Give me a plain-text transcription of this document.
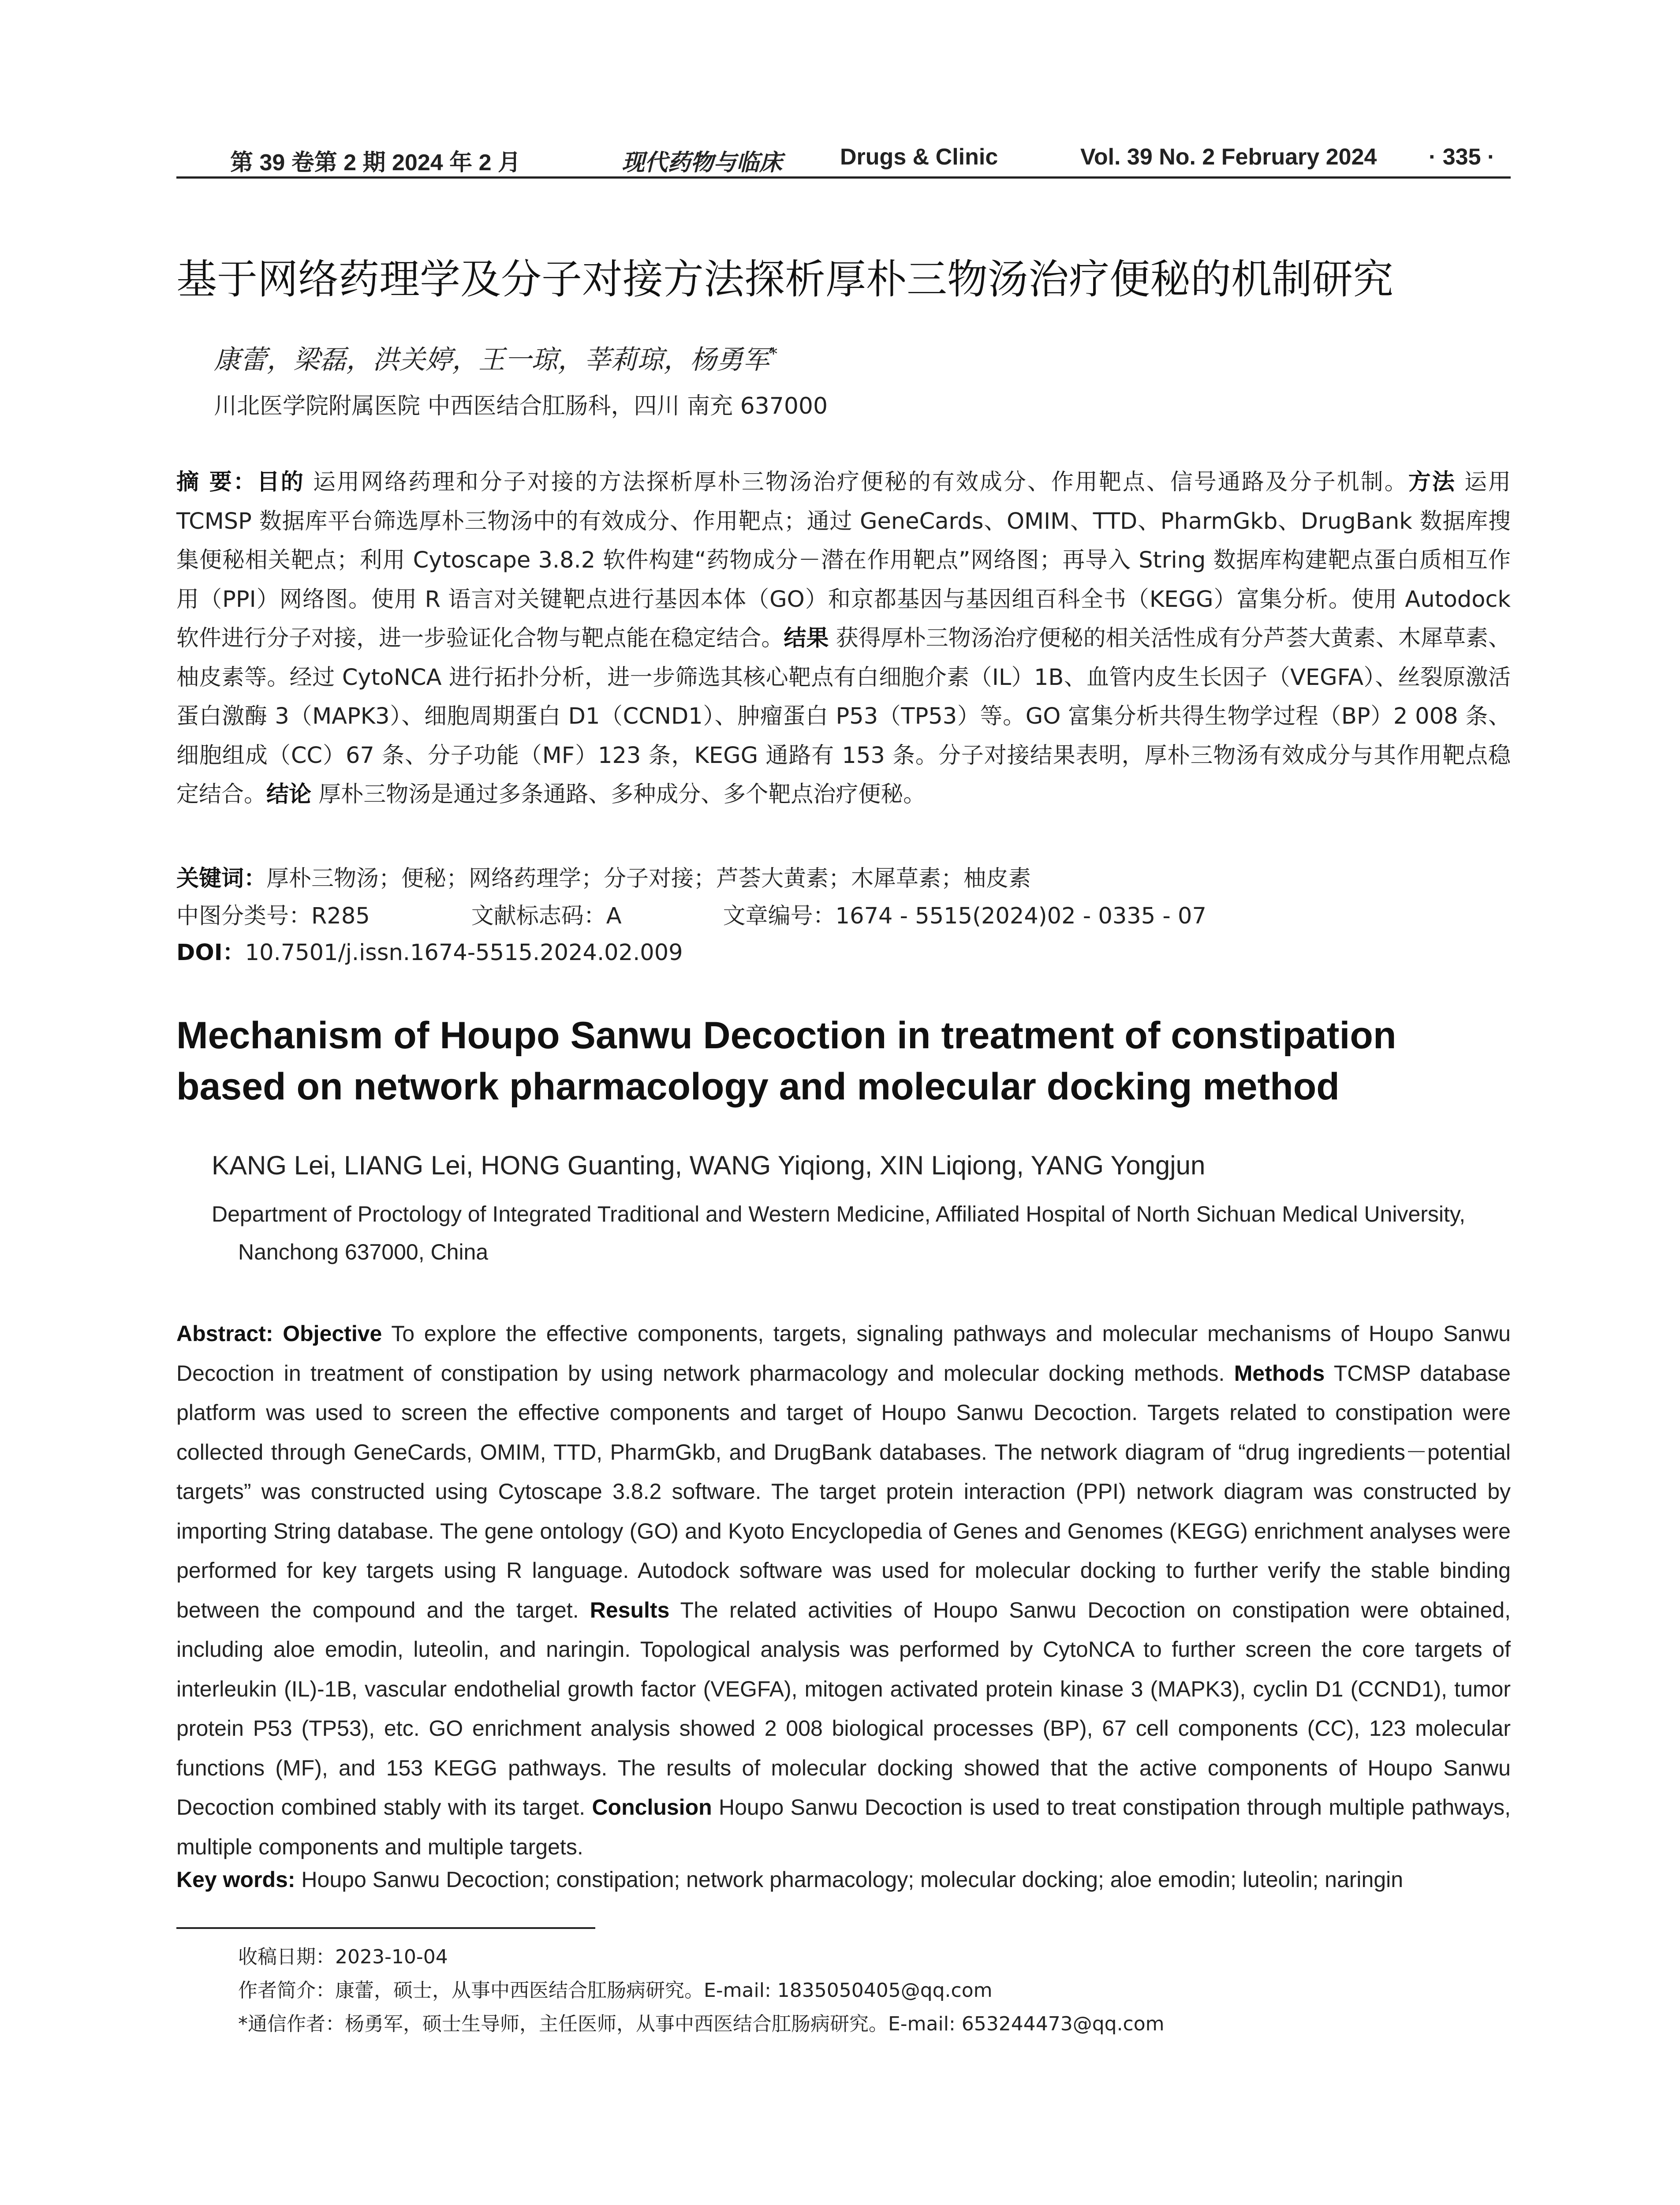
第 39 卷第 2 期 2024 年 2 月	现代药物与临床	Drugs & Clinic	Vol. 39 No. 2 February 2024 · 335 ·
基于网络药理学及分子对接方法探析厚朴三物汤治疗便秘的机制研究
康蕾，梁磊，洪关婷，王一琼，莘莉琼，杨勇军*
川北医学院附属医院 中西医结合肛肠科，四川 南充 637000
摘 要：目的 运用网络药理和分子对接的方法探析厚朴三物汤治疗便秘的有效成分、作用靶点、信号通路及分子机制。方法 运用 TCMSP 数据库平台筛选厚朴三物汤中的有效成分、作用靶点；通过 GeneCards、OMIM、TTD、PharmGkb、DrugBank 数据库搜集便秘相关靶点；利用 Cytoscape 3.8.2 软件构建“药物成分－潜在作用靶点”网络图；再导入 String 数据库构建靶点蛋白质相互作用（PPI）网络图。使用 R 语言对关键靶点进行基因本体（GO）和京都基因与基因组百科全书（KEGG）富集分析。使用 Autodock 软件进行分子对接，进一步验证化合物与靶点能在稳定结合。结果 获得厚朴三物汤治疗便秘的相关活性成有分芦荟大黄素、木犀草素、柚皮素等。经过 CytoNCA 进行拓扑分析，进一步筛选其核心靶点有白细胞介素（IL）1B、血管内皮生长因子（VEGFA）、丝裂原激活蛋白激酶 3（MAPK3）、细胞周期蛋白 D1（CCND1）、肿瘤蛋白 P53（TP53）等。GO 富集分析共得生物学过程（BP）2 008 条、细胞组成（CC）67 条、分子功能（MF）123 条，KEGG 通路有 153 条。分子对接结果表明，厚朴三物汤有效成分与其作用靶点稳定结合。结论 厚朴三物汤是通过多条通路、多种成分、多个靶点治疗便秘。
关键词：厚朴三物汤；便秘；网络药理学；分子对接；芦荟大黄素；木犀草素；柚皮素
中图分类号：R285	文献标志码：A	文章编号：1674 - 5515(2024)02 - 0335 - 07
DOI：10.7501/j.issn.1674-5515.2024.02.009
Mechanism of Houpo Sanwu Decoction in treatment of constipation based on network pharmacology and molecular docking method
KANG Lei, LIANG Lei, HONG Guanting, WANG Yiqiong, XIN Liqiong, YANG Yongjun
Department of Proctology of Integrated Traditional and Western Medicine, Affiliated Hospital of North Sichuan Medical University,
Nanchong 637000, China
Abstract: Objective To explore the effective components, targets, signaling pathways and molecular mechanisms of Houpo Sanwu Decoction in treatment of constipation by using network pharmacology and molecular docking methods. Methods TCMSP database platform was used to screen the effective components and target of Houpo Sanwu Decoction. Targets related to constipation were collected through GeneCards, OMIM, TTD, PharmGkb, and DrugBank databases. The network diagram of “drug ingredients－potential targets” was constructed using Cytoscape 3.8.2 software. The target protein interaction (PPI) network diagram was constructed by importing String database. The gene ontology (GO) and Kyoto Encyclopedia of Genes and Genomes (KEGG) enrichment analyses were performed for key targets using R language. Autodock software was used for molecular docking to further verify the stable binding between the compound and the target. Results The related activities of Houpo Sanwu Decoction on constipation were obtained, including aloe emodin, luteolin, and naringin. Topological analysis was performed by CytoNCA to further screen the core targets of interleukin (IL)-1B, vascular endothelial growth factor (VEGFA), mitogen activated protein kinase 3 (MAPK3), cyclin D1 (CCND1), tumor protein P53 (TP53), etc. GO enrichment analysis showed 2 008 biological processes (BP), 67 cell components (CC), 123 molecular functions (MF), and 153 KEGG pathways. The results of molecular docking showed that the active components of Houpo Sanwu Decoction combined stably with its target. Conclusion Houpo Sanwu Decoction is used to treat constipation through multiple pathways, multiple components and multiple targets.
Key words: Houpo Sanwu Decoction; constipation; network pharmacology; molecular docking; aloe emodin; luteolin; naringin
收稿日期：2023-10-04
作者简介：康蕾，硕士，从事中西医结合肛肠病研究。E-mail: 1835050405@qq.com
*通信作者：杨勇军，硕士生导师，主任医师，从事中西医结合肛肠病研究。E-mail: 653244473@qq.com
